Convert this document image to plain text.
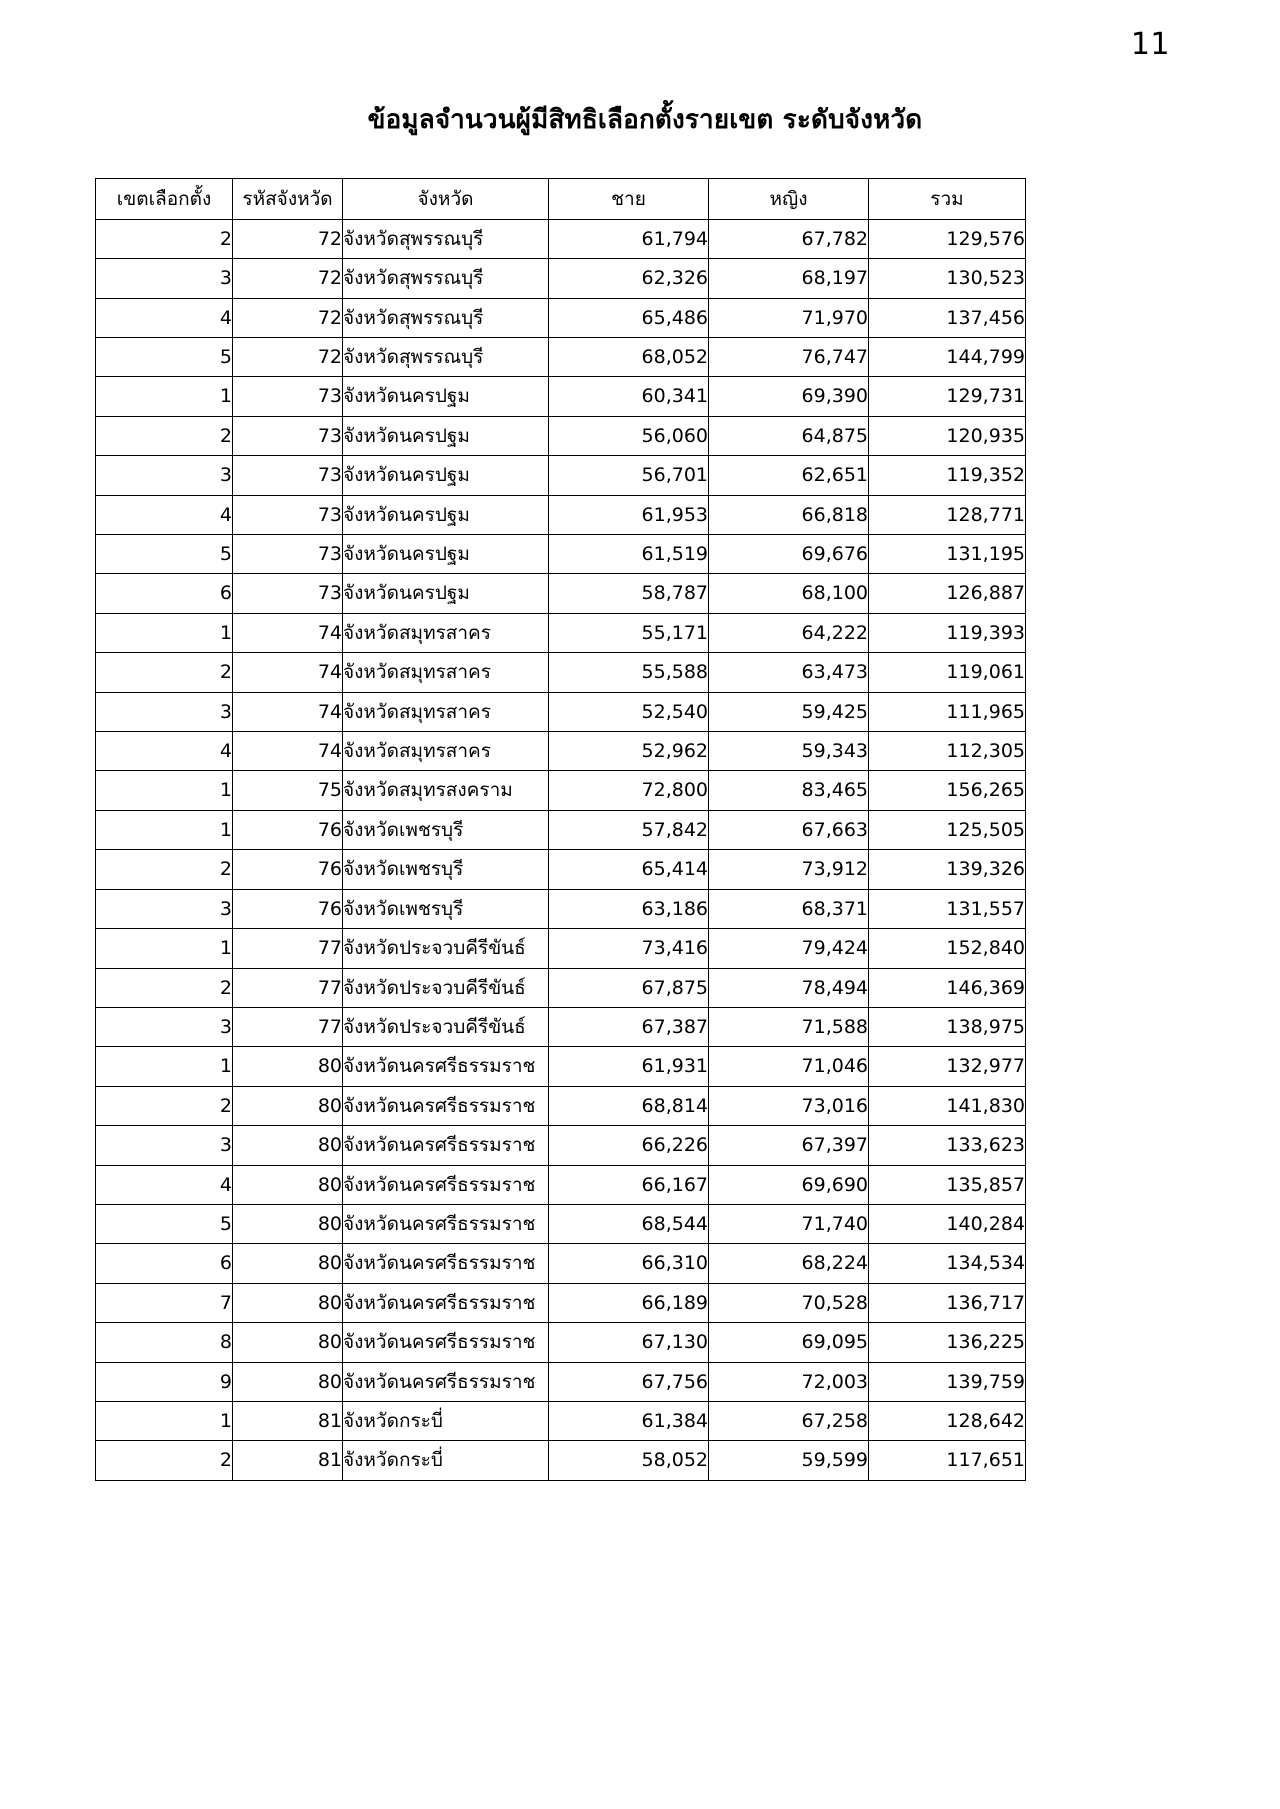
11
ข้อมูลจำนวนผู้มีสิทธิเลือกตั้งรายเขต ระดับจังหวัด
เขตเลือกตั้ง	รหัสจังหวัด	จังหวัด	ชาย	หญิง	รวม
2	72	จังหวัดสุพรรณบุรี	61,794	67,782	129,576
3	72	จังหวัดสุพรรณบุรี	62,326	68,197	130,523
4	72	จังหวัดสุพรรณบุรี	65,486	71,970	137,456
5	72	จังหวัดสุพรรณบุรี	68,052	76,747	144,799
1	73	จังหวัดนครปฐม	60,341	69,390	129,731
2	73	จังหวัดนครปฐม	56,060	64,875	120,935
3	73	จังหวัดนครปฐม	56,701	62,651	119,352
4	73	จังหวัดนครปฐม	61,953	66,818	128,771
5	73	จังหวัดนครปฐม	61,519	69,676	131,195
6	73	จังหวัดนครปฐม	58,787	68,100	126,887
1	74	จังหวัดสมุทรสาคร	55,171	64,222	119,393
2	74	จังหวัดสมุทรสาคร	55,588	63,473	119,061
3	74	จังหวัดสมุทรสาคร	52,540	59,425	111,965
4	74	จังหวัดสมุทรสาคร	52,962	59,343	112,305
1	75	จังหวัดสมุทรสงคราม	72,800	83,465	156,265
1	76	จังหวัดเพชรบุรี	57,842	67,663	125,505
2	76	จังหวัดเพชรบุรี	65,414	73,912	139,326
3	76	จังหวัดเพชรบุรี	63,186	68,371	131,557
1	77	จังหวัดประจวบคีรีขันธ์	73,416	79,424	152,840
2	77	จังหวัดประจวบคีรีขันธ์	67,875	78,494	146,369
3	77	จังหวัดประจวบคีรีขันธ์	67,387	71,588	138,975
1	80	จังหวัดนครศรีธรรมราช	61,931	71,046	132,977
2	80	จังหวัดนครศรีธรรมราช	68,814	73,016	141,830
3	80	จังหวัดนครศรีธรรมราช	66,226	67,397	133,623
4	80	จังหวัดนครศรีธรรมราช	66,167	69,690	135,857
5	80	จังหวัดนครศรีธรรมราช	68,544	71,740	140,284
6	80	จังหวัดนครศรีธรรมราช	66,310	68,224	134,534
7	80	จังหวัดนครศรีธรรมราช	66,189	70,528	136,717
8	80	จังหวัดนครศรีธรรมราช	67,130	69,095	136,225
9	80	จังหวัดนครศรีธรรมราช	67,756	72,003	139,759
1	81	จังหวัดกระบี่	61,384	67,258	128,642
2	81	จังหวัดกระบี่	58,052	59,599	117,651
